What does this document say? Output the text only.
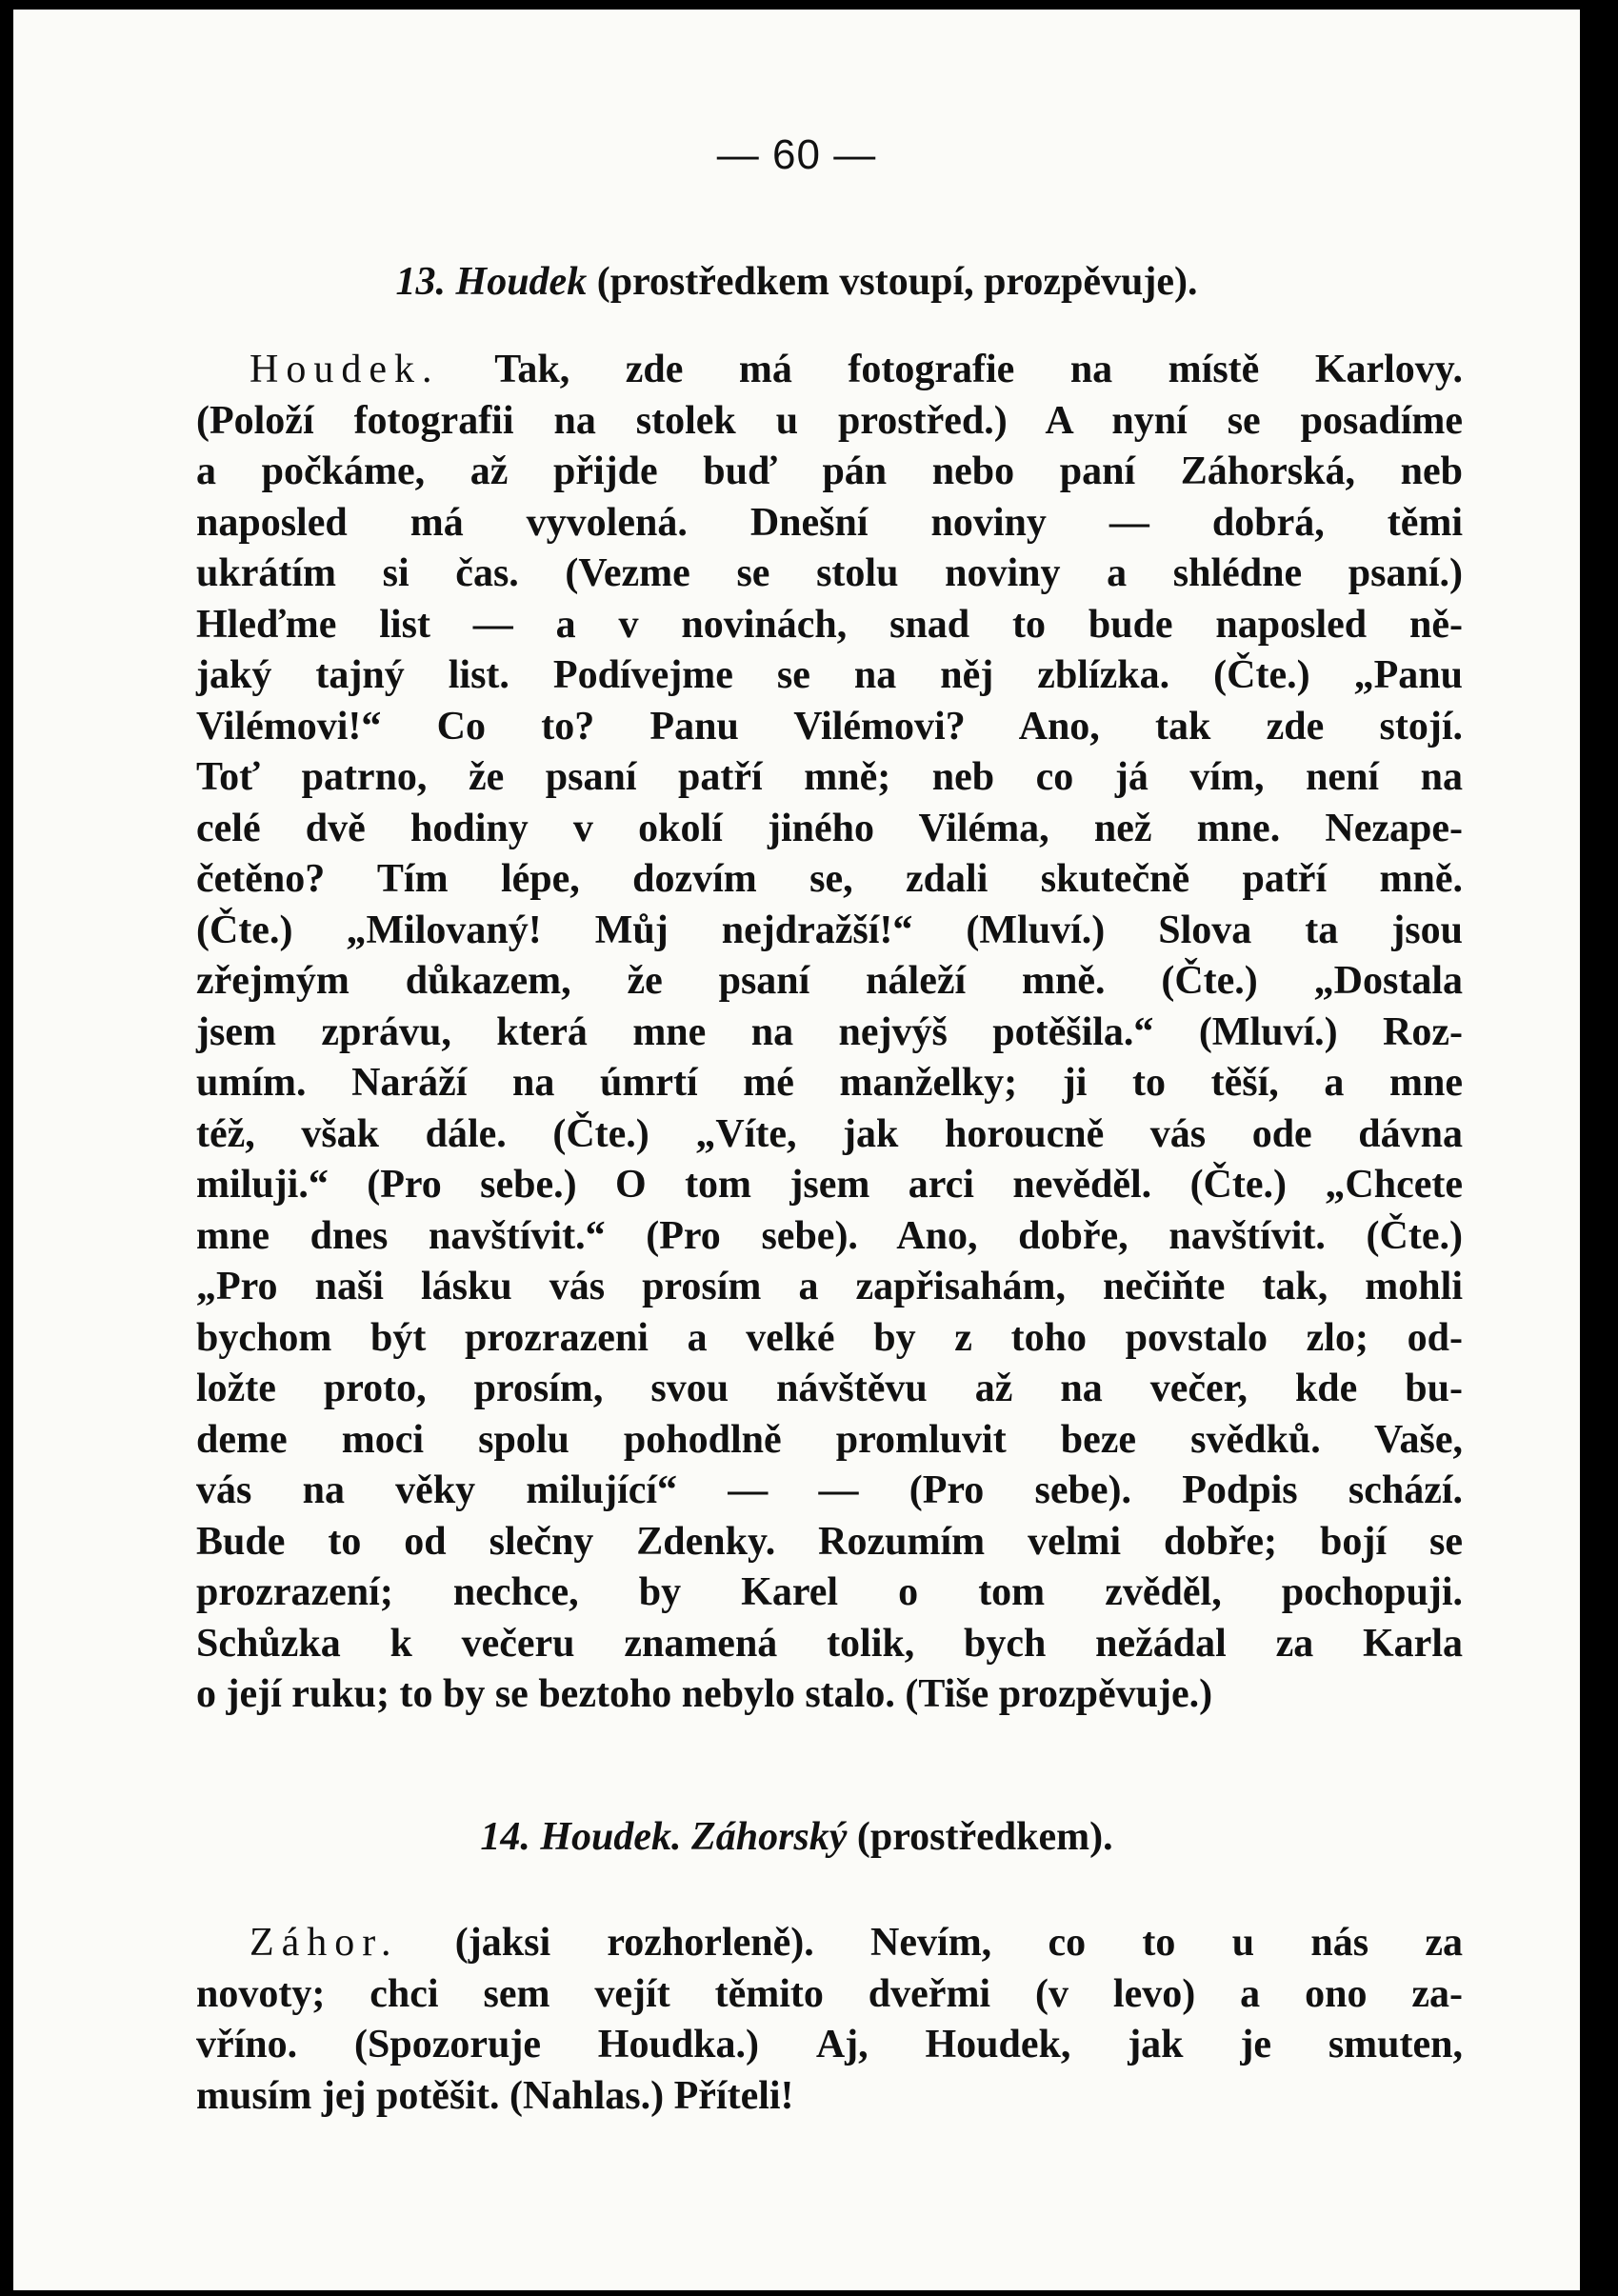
— 60 —
13. Houdek (prostředkem vstoupí, prozpěvuje).
Houdek. Tak, zde má fotografie na místě Karlovy.
(Položí fotografii na stolek u prostřed.) A nyní se posadíme
a počkáme, až přijde buď pán nebo paní Záhorská, neb
naposled má vyvolená. Dnešní noviny — dobrá, těmi
ukrátím si čas. (Vezme se stolu noviny a shlédne psaní.)
Hleďme list — a v novinách, snad to bude naposled ně-
jaký tajný list. Podívejme se na něj zblízka. (Čte.) „Panu
Vilémovi!“ Co to? Panu Vilémovi? Ano, tak zde stojí.
Toť patrno, že psaní patří mně; neb co já vím, není na
celé dvě hodiny v okolí jiného Viléma, než mne. Nezape-
četěno? Tím lépe, dozvím se, zdali skutečně patří mně.
(Čte.) „Milovaný! Můj nejdražší!“ (Mluví.) Slova ta jsou
zřejmým důkazem, že psaní náleží mně. (Čte.) „Dostala
jsem zprávu, která mne na nejvýš potěšila.“ (Mluví.) Roz-
umím. Naráží na úmrtí mé manželky; ji to těší, a mne
též, však dále. (Čte.) „Víte, jak horoucně vás ode dávna
miluji.“ (Pro sebe.) O tom jsem arci nevěděl. (Čte.) „Chcete
mne dnes navštívit.“ (Pro sebe). Ano, dobře, navštívit. (Čte.)
„Pro naši lásku vás prosím a zapřisahám, nečiňte tak, mohli
bychom být prozrazeni a velké by z toho povstalo zlo; od-
ložte proto, prosím, svou návštěvu až na večer, kde bu-
deme moci spolu pohodlně promluvit beze svědků. Vaše,
vás na věky milující“ — — (Pro sebe). Podpis schází.
Bude to od slečny Zdenky. Rozumím velmi dobře; bojí se
prozrazení; nechce, by Karel o tom zvěděl, pochopuji.
Schůzka k večeru znamená tolik, bych nežádal za Karla
o její ruku; to by se beztoho nebylo stalo. (Tiše prozpěvuje.)
14. Houdek. Záhorský (prostředkem).
Záhor. (jaksi rozhorleně). Nevím, co to u nás za
novoty; chci sem vejít těmito dveřmi (v levo) a ono za-
vřínо. (Spozoruje Houdka.) Aj, Houdek, jak je smuten,
musím jej potěšit. (Nahlas.) Příteli!
